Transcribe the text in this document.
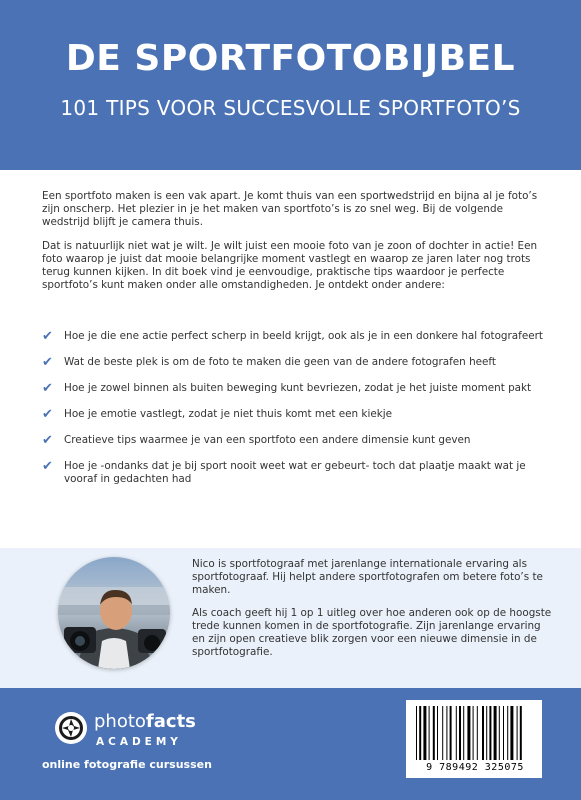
DE SPORTFOTOBIJBEL
101 TIPS VOOR SUCCESVOLLE SPORTFOTO’S

Een sportfoto maken is een vak apart. Je komt thuis van een sportwedstrijd en bijna al je foto’s zijn onscherp. Het plezier in je het maken van sportfoto’s is zo snel weg. Bij de volgende wedstrijd blijft je camera thuis.

Dat is natuurlijk niet wat je wilt. Je wilt juist een mooie foto van je zoon of dochter in actie! Een foto waarop je juist dat mooie belangrijke moment vastlegt en waarop ze jaren later nog trots terug kunnen kijken. In dit boek vind je eenvoudige, praktische tips waardoor je perfecte sportfoto’s kunt maken onder alle omstandigheden. Je ontdekt onder andere:

✔ Hoe je die ene actie perfect scherp in beeld krijgt, ook als je in een donkere hal fotografeert
✔ Wat de beste plek is om de foto te maken die geen van de andere fotografen heeft
✔ Hoe je zowel binnen als buiten beweging kunt bevriezen, zodat je het juiste moment pakt
✔ Hoe je emotie vastlegt, zodat je niet thuis komt met een kiekje
✔ Creatieve tips waarmee je van een sportfoto een andere dimensie kunt geven
✔ Hoe je -ondanks dat je bij sport nooit weet wat er gebeurt- toch dat plaatje maakt wat je vooraf in gedachten had

Nico is sportfotograaf met jarenlange internationale ervaring als sportfotograaf. Hij helpt andere sportfotografen om betere foto’s te maken.

Als coach geeft hij 1 op 1 uitleg over hoe anderen ook op de hoogste trede kunnen komen in de sportfotografie. Zijn jarenlange ervaring en zijn open creatieve blik zorgen voor een nieuwe dimensie in de sportfotografie.

photofacts
ACADEMY
online fotografie cursussen	9 789492 325075
